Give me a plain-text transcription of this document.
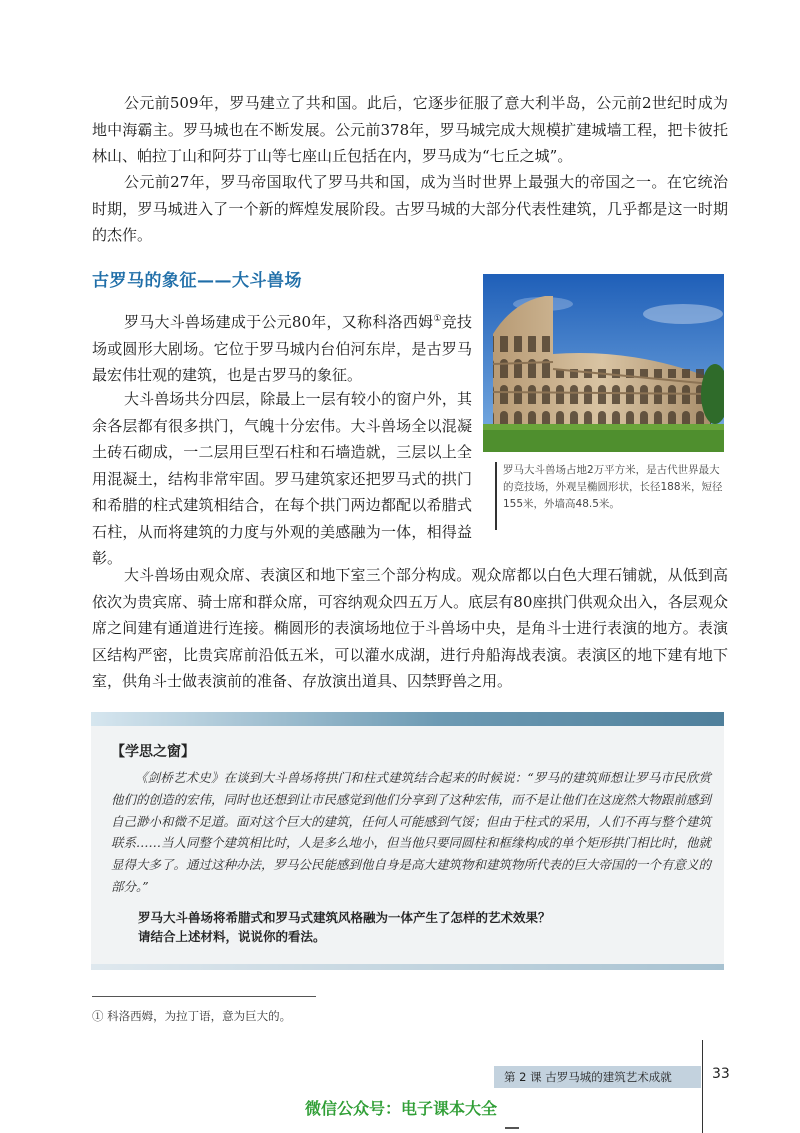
公元前509年，罗马建立了共和国。此后，它逐步征服了意大利半岛，公元前2世纪时成为地中海霸主。罗马城也在不断发展。公元前378年，罗马城完成大规模扩建城墙工程，把卡彼托林山、帕拉丁山和阿芬丁山等七座山丘包括在内，罗马成为“七丘之城”。

公元前27年，罗马帝国取代了罗马共和国，成为当时世界上最强大的帝国之一。在它统治时期，罗马城进入了一个新的辉煌发展阶段。古罗马城的大部分代表性建筑，几乎都是这一时期的杰作。

古罗马的象征——大斗兽场

罗马大斗兽场建成于公元80年，又称科洛西姆①竞技场或圆形大剧场。它位于罗马城内台伯河东岸，是古罗马最宏伟壮观的建筑，也是古罗马的象征。

大斗兽场共分四层，除最上一层有较小的窗户外，其余各层都有很多拱门，气魄十分宏伟。大斗兽场全以混凝土砖石砌成，一二层用巨型石柱和石墙造就，三层以上全用混凝土，结构非常牢固。罗马建筑家还把罗马式的拱门和希腊的柱式建筑相结合，在每个拱门两边都配以希腊式石柱，从而将建筑的力度与外观的美感融为一体，相得益彰。

罗马大斗兽场占地2万平方米，是古代世界最大的竞技场，外观呈椭圆形状，长径188米，短径155米，外墙高48.5米。

大斗兽场由观众席、表演区和地下室三个部分构成。观众席都以白色大理石铺就，从低到高依次为贵宾席、骑士席和群众席，可容纳观众四五万人。底层有80座拱门供观众出入，各层观众席之间建有通道进行连接。椭圆形的表演场地位于斗兽场中央，是角斗士进行表演的地方。表演区结构严密，比贵宾席前沿低五米，可以灌水成湖，进行舟船海战表演。表演区的地下建有地下室，供角斗士做表演前的准备、存放演出道具、囚禁野兽之用。

【学思之窗】

《剑桥艺术史》在谈到大斗兽场将拱门和柱式建筑结合起来的时候说：“罗马的建筑师想让罗马市民欣赏他们的创造的宏伟，同时也还想到让市民感觉到他们分享到了这种宏伟，而不是让他们在这庞然大物跟前感到自己渺小和微不足道。面对这个巨大的建筑，任何人可能感到气馁；但由于柱式的采用，人们不再与整个建筑联系……当人同整个建筑相比时，人是多么地小，但当他只要同圆柱和框缘构成的单个矩形拱门相比时，他就显得大多了。通过这种办法，罗马公民能感到他自身是高大建筑物和建筑物所代表的巨大帝国的一个有意义的部分。”

罗马大斗兽场将希腊式和罗马式建筑风格融为一体产生了怎样的艺术效果？
请结合上述材料，说说你的看法。
① 科洛西姆，为拉丁语，意为巨大的。
第 2 课 古罗马城的建筑艺术成就	33
微信公众号：电子课本大全
